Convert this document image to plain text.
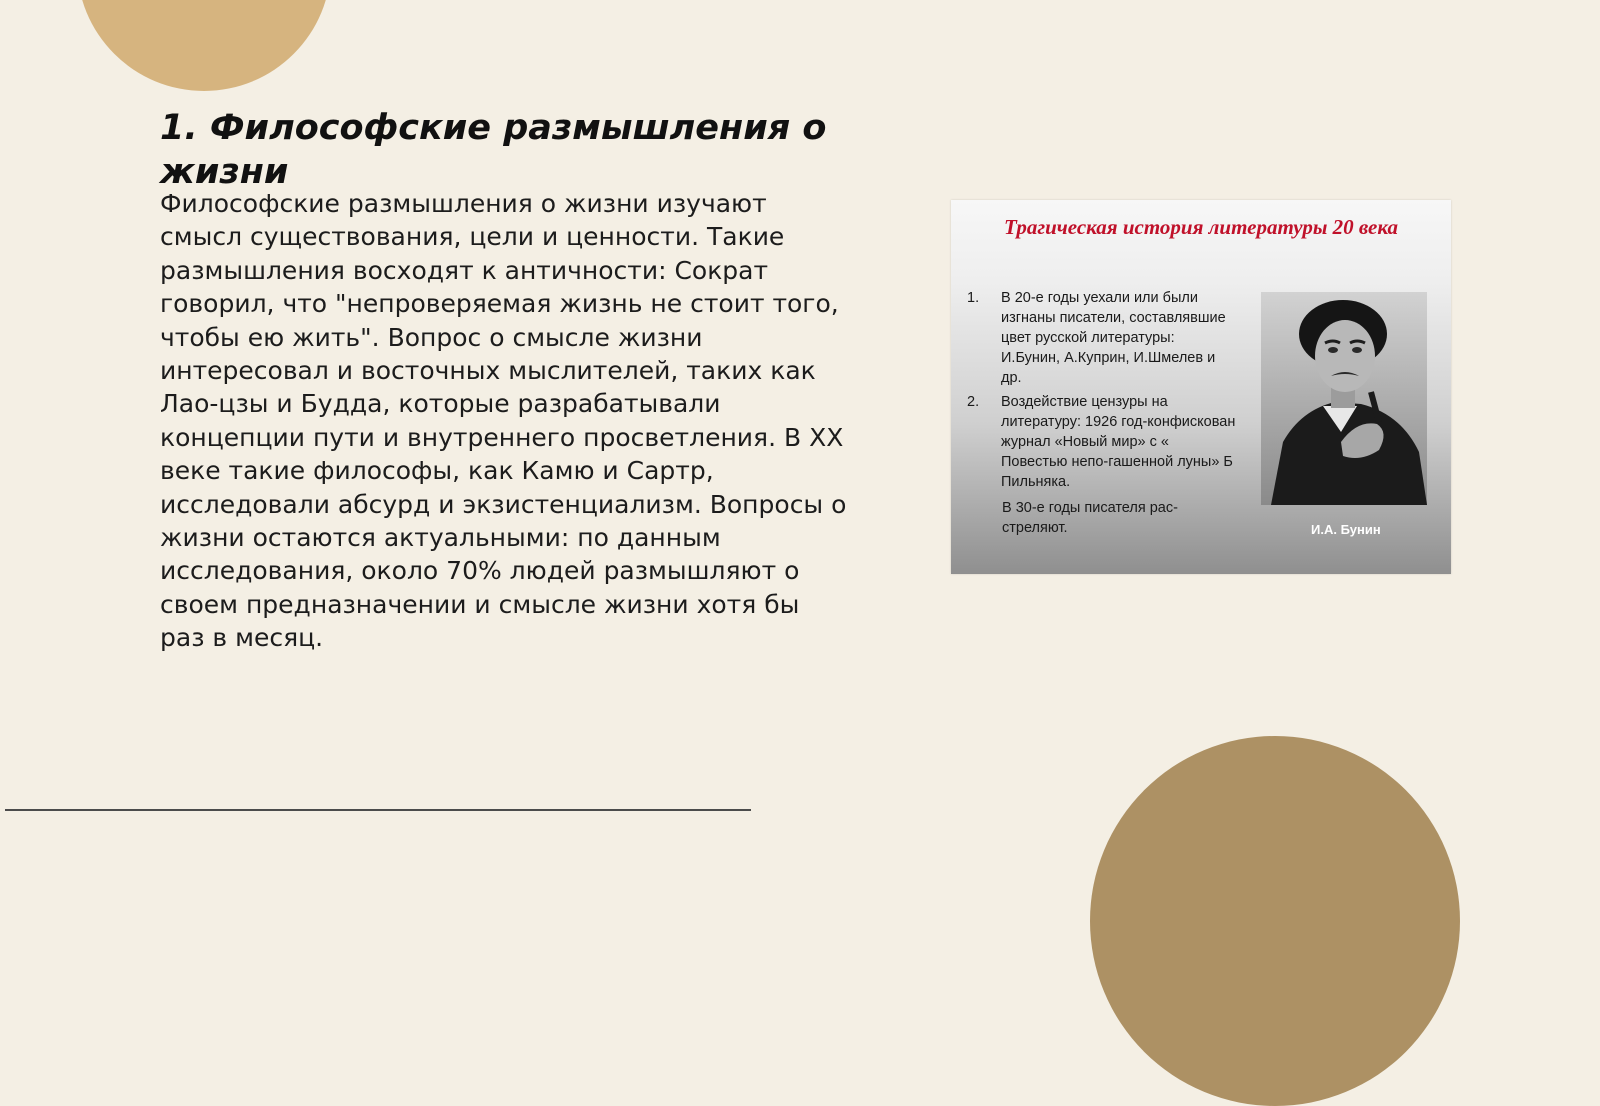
1. Философские размышления о жизни

Философские размышления о жизни изучают смысл существования, цели и ценности. Такие размышления восходят к античности: Сократ говорил, что "непроверяемая жизнь не стоит того, чтобы ею жить". Вопрос о смысле жизни интересовал и восточных мыслителей, таких как Лао-цзы и Будда, которые разрабатывали концепции пути и внутреннего просветления. В XX веке такие философы, как Камю и Сартр, исследовали абсурд и экзистенциализм. Вопросы о жизни остаются актуальными: по данным исследования, около 70% людей размышляют о своем предназначении и смысле жизни хотя бы раз в месяц.

Трагическая история литературы 20 века
1.	В 20-е годы уехали или были изгнаны писатели, составлявшие цвет русской литературы: И.Бунин, А.Куприн, И.Шмелев и др.
2.	Воздействие цензуры на литературу: 1926 год-конфискован журнал «Новый мир» с « Повестью непо-гашенной луны» Б Пильняка.
В 30-е годы писателя рас-стреляют.	И.А. Бунин
